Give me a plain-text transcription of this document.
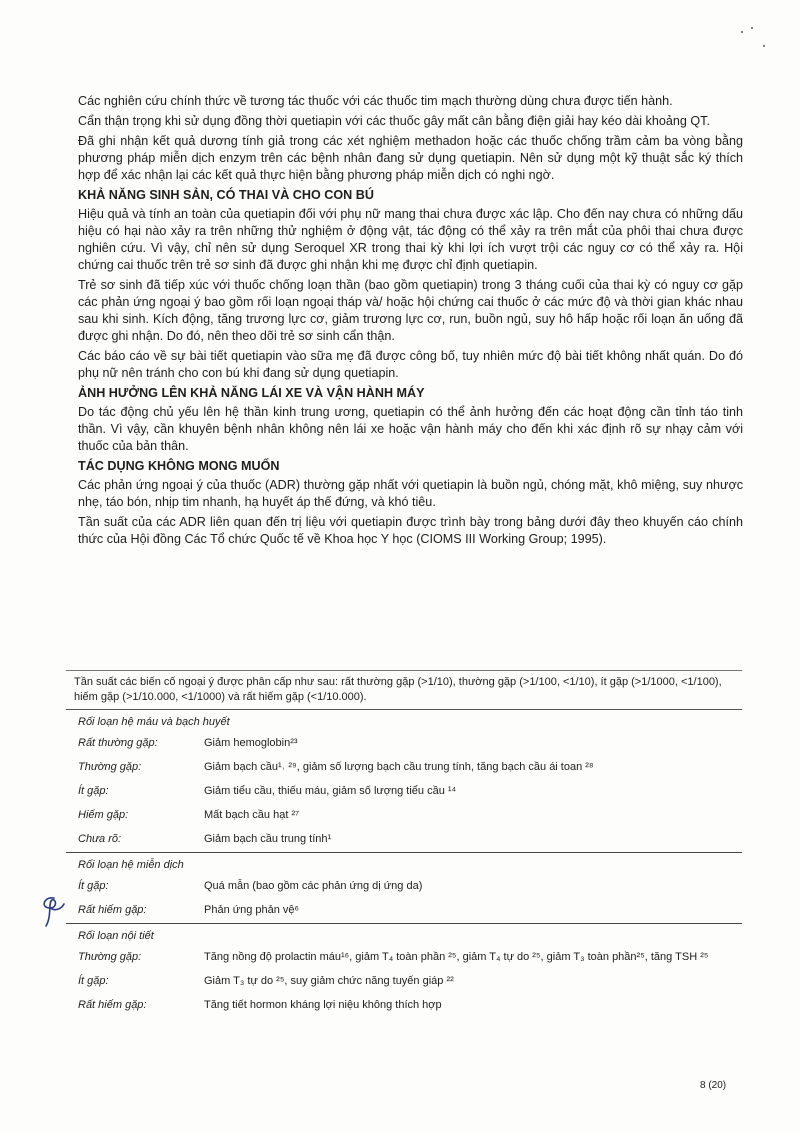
Các nghiên cứu chính thức về tương tác thuốc với các thuốc tim mạch thường dùng chưa được tiến hành.

Cẩn thận trọng khi sử dụng đồng thời quetiapin với các thuốc gây mất cân bằng điện giải hay kéo dài khoảng QT.

Đã ghi nhận kết quả dương tính giả trong các xét nghiệm methadon hoặc các thuốc chống trầm cảm ba vòng bằng phương pháp miễn dịch enzym trên các bệnh nhân đang sử dụng quetiapin. Nên sử dụng một kỹ thuật sắc ký thích hợp để xác nhận lại các kết quả thực hiện bằng phương pháp miễn dịch có nghi ngờ.

KHẢ NĂNG SINH SẢN, CÓ THAI VÀ CHO CON BÚ

Hiệu quả và tính an toàn của quetiapin đối với phụ nữ mang thai chưa được xác lập. Cho đến nay chưa có những dấu hiệu có hại nào xảy ra trên những thử nghiệm ở động vật, tác động có thể xảy ra trên mắt của phôi thai chưa được nghiên cứu. Vì vậy, chỉ nên sử dụng Seroquel XR trong thai kỳ khi lợi ích vượt trội các nguy cơ có thể xảy ra. Hội chứng cai thuốc trên trẻ sơ sinh đã được ghi nhận khi mẹ được chỉ định quetiapin.

Trẻ sơ sinh đã tiếp xúc với thuốc chống loạn thần (bao gồm quetiapin) trong 3 tháng cuối của thai kỳ có nguy cơ gặp các phản ứng ngoại ý bao gồm rối loạn ngoại tháp và/ hoặc hội chứng cai thuốc ở các mức độ và thời gian khác nhau sau khi sinh. Kích động, tăng trương lực cơ, giảm trương lực cơ, run, buồn ngủ, suy hô hấp hoặc rối loạn ăn uống đã được ghi nhận. Do đó, nên theo dõi trẻ sơ sinh cẩn thận.

Các báo cáo về sự bài tiết quetiapin vào sữa mẹ đã được công bố, tuy nhiên mức độ bài tiết không nhất quán. Do đó phụ nữ nên tránh cho con bú khi đang sử dụng quetiapin.

ẢNH HƯỞNG LÊN KHẢ NĂNG LÁI XE VÀ VẬN HÀNH MÁY

Do tác động chủ yếu lên hệ thần kinh trung ương, quetiapin có thể ảnh hưởng đến các hoạt động cần tỉnh táo tinh thần. Vì vậy, cần khuyên bệnh nhân không nên lái xe hoặc vận hành máy cho đến khi xác định rõ sự nhạy cảm với thuốc của bản thân.

TÁC DỤNG KHÔNG MONG MUỐN

Các phản ứng ngoại ý của thuốc (ADR) thường gặp nhất với quetiapin là buồn ngủ, chóng mặt, khô miệng, suy nhược nhẹ, táo bón, nhịp tim nhanh, hạ huyết áp thế đứng, và khó tiêu.

Tần suất của các ADR liên quan đến trị liệu với quetiapin được trình bày trong bảng dưới đây theo khuyến cáo chính thức của Hội đồng Các Tổ chức Quốc tế về Khoa học Y học (CIOMS III Working Group; 1995).

Tần suất các biến cố ngoại ý được phân cấp như sau: rất thường gặp (>1/10), thường gặp (>1/100, <1/10), ít gặp (>1/1000, <1/100), hiếm gặp (>1/10.000, <1/1000) và rất hiếm gặp (<1/10.000).
Rối loạn hệ máu và bạch huyết
Rất thường gặp:	Giảm hemoglobin²³
Thường gặp:	Giảm bạch cầu¹˒ ²⁹, giảm số lượng bạch cầu trung tính, tăng bạch cầu ái toan ²⁸
Ít gặp:	Giảm tiểu cầu, thiếu máu, giảm số lượng tiểu cầu ¹⁴
Hiếm gặp:	Mất bạch cầu hạt ²⁷
Chưa rõ:	Giảm bạch cầu trung tính¹
Rối loạn hệ miễn dịch
Ít gặp:	Quá mẫn (bao gồm các phản ứng dị ứng da)
Rất hiếm gặp:	Phản ứng phản vệ⁶
Rối loạn nội tiết
Thường gặp:	Tăng nồng độ prolactin máu¹⁶, giảm T₄ toàn phần ²⁵, giảm T₄ tự do ²⁵, giảm T₃ toàn phần²⁵, tăng TSH ²⁵
Ít gặp:	Giảm T₃ tự do ²⁵, suy giảm chức năng tuyến giáp ²²
Rất hiếm gặp:	Tăng tiết hormon kháng lợi niệu không thích hợp
8 (20)
